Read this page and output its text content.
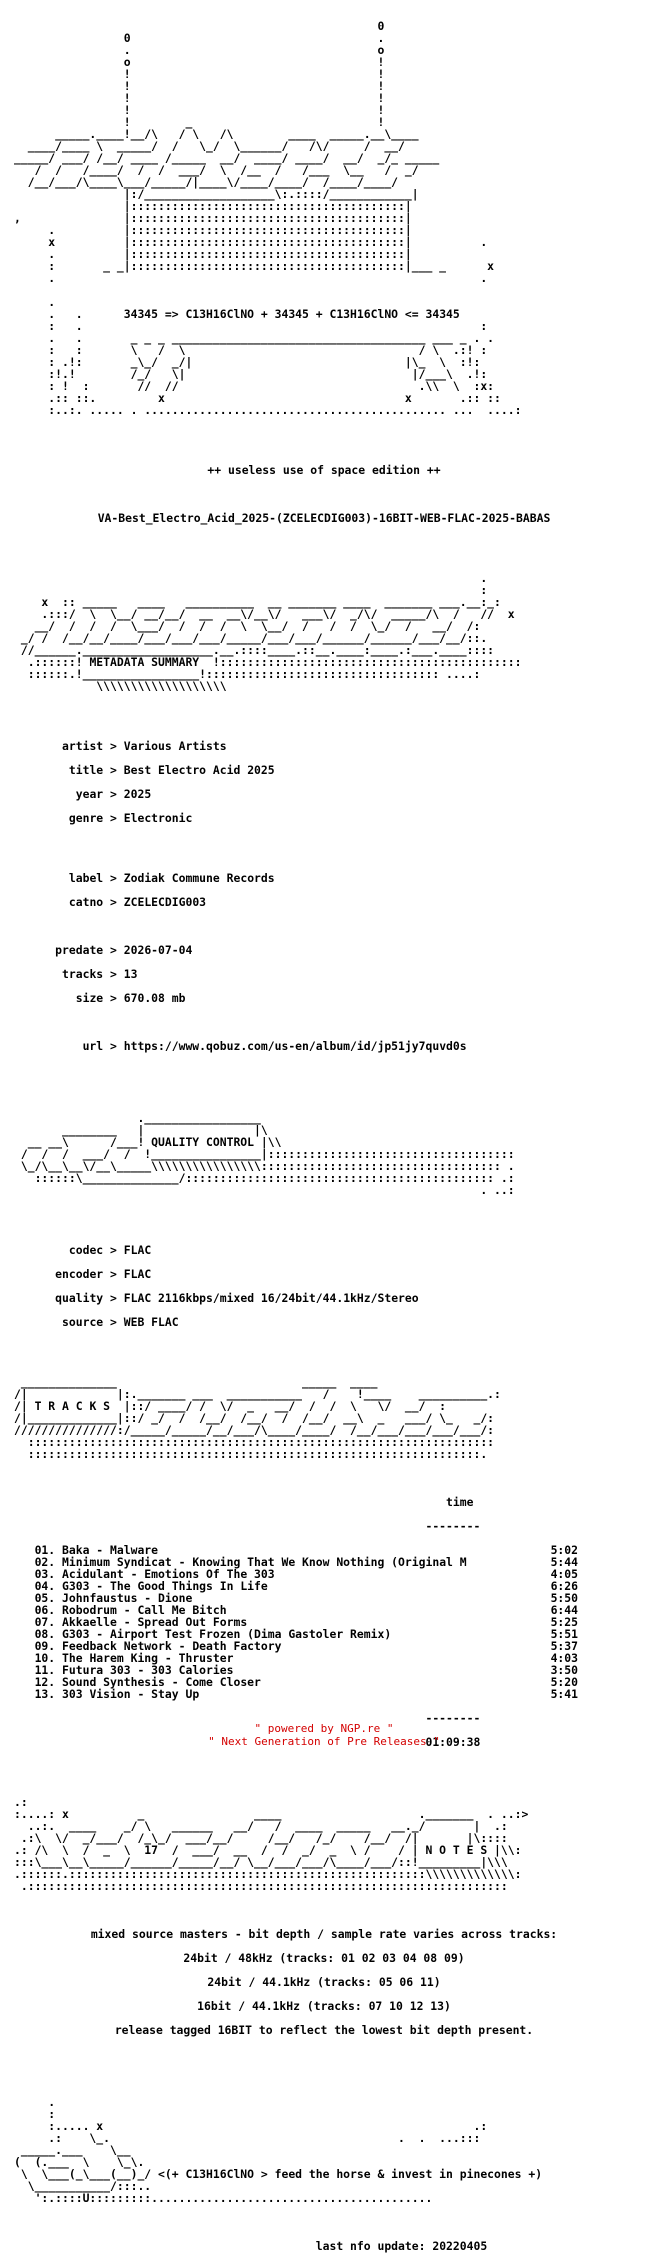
0
0                                    .
.                                    o
o                                    !
!                                    !
!                                    !
!                                    !
!                                    !
!        _                           !
_____.____!__/\   / \   /\        ____  _____.__\____
____/____ \  _____/  /   \_/  \______/   /\/     /  __/
_____/ ___/ /__/ ____ /_____  __/  ____/ ____/  __/  _/_ _____
/  /   /____/  /  /  ___/  \  /__  /   /___  \__   /  _/
/__/___/\____\___/_____/|____\/____/____/  /____/____/
|:/___________________\:.::::/____________|
|::::::::::::::::::::::::::::::::::::::::|
,               |::::::::::::::::::::::::::::::::::::::::|
.          |::::::::::::::::::::::::::::::::::::::::|
x          |::::::::::::::::::::::::::::::::::::::::|          .
.          |::::::::::::::::::::::::::::::::::::::::|
:       _ _|::::::::::::::::::::::::::::::::::::::::|___ _      x
.                                                              .

.
.   .	34345 => C13H16ClNO + 34345 + C13H16ClNO <= 34345
:   .                                                          :
.   .       _ _ _ _____________________________________ ___ _ . .
:   :       \   /  \                                  / \  .:! :
: .!:       _\_/  _/|                               |\_  \  :!:
:!.!        /_/   \|                                 |/___\  .!:
: !  :       //  //                                   .\\  \  :x:
.:: ::.         x                                   x       .:: ::
:..:. ..... . ............................................ ...  ....:

++ useless use of space edition ++

VA-Best_Electro_Acid_2025-(ZCELECDIG003)-16BIT-WEB-FLAC-2025-BABAS

.
:
x  :: _____   ____   __________  __ _______ ____  _______ ___.__:_:
.:::/  \  \__/ __/__/  __  __\/__\/   ___\/  _/\/  _____/\  /   //  x
__/  /  /  /  \___/  /  /  /  \  \__/  /   /  /  \_/  /   __/  /:
_/ /  /__/__/____/___/___/___/_____/___/___/______/______/___/__/::.
//______.___________________.__.::::____.::__.____:____.:___.____::::
.::::::! METADATA SUMMARY  !::::::::::::::::::::::::::::::::::::::::::::
::::::.!_________________!:::::::::::::::::::::::::::::::::: ....:
\\\\\\\\\\\\\\\\\\\

artist > Various Artists

title > Best Electro Acid 2025

year > 2025

genre > Electronic

label > Zodiak Commune Records

catno > ZCELECDIG003

predate > 2026-07-04

tracks > 13

size > 670.08 mb

url > https://www.qobuz.com/us-en/album/id/jp51jy7quvd0s

._________________
________   |                |\
__ __\      /___! QUALITY CONTROL |\\
/  /  /  ___/  /  !________________|::::::::::::::::::::::::::::::::::::
\_/\__\__\/__\_____\\\\\\\\\\\\\\\\::::::::::::::::::::::::::::::::::: .
::::::\______________/::::::::::::::::::::::::::::::::::::::::::::: .:
. ..:

codec > FLAC

encoder > FLAC

quality > FLAC 2116kbps/mixed 16/24bit/44.1kHz/Stereo

source > WEB FLAC

______________                           _____  ____
/|             |:._______ ___  ___________   /    !____    __________.:
/| T R A C K S  |::/ ____/ /  \/  _   __/  /  /  \   \/  __/  :
/|_____________|::/ _/  /  /__/  /__/  /  /__/  __\  _   ___/ \_   _/:
///////////////:/_____/_____/__/___/\____/____/  /__/___/___/___/___/:
::::::::::::::::::::::::::::::::::::::::::::::::::::::::::::::::::::
::::::::::::::::::::::::::::::::::::::::::::::::::::::::::::::::::.

time

--------

01. Baka - Malware	5:02
02. Minimum Syndicat - Knowing That We Know Nothing (Original M	5:44
03. Acidulant - Emotions Of The 303	4:05
04. G303 - The Good Things In Life	6:26
05. Johnfaustus - Dione	5:50
06. Robodrum - Call Me Bitch	6:44
07. Akkaelle - Spread Out Forms	5:25
08. G303 - Airport Test Frozen (Dima Gastoler Remix)	5:51
09. Feedback Network - Death Factory	5:37
10. The Harem King - Thruster	4:03
11. Futura 303 - 303 Calories	3:50
12. Sound Synthesis - Come Closer	5:20
13. 303 Vision - Stay Up	5:41

--------

01:09:38

.:
:....: x          _                ____                    ._______  . ..:>
..:.  ____    _/ \   ______   __/   /  ____  _____   __._/       |  .:
.:\  \/  _/___/  /_\_/  ___/__/     /__/   /_/    /__/  /|       |\::::
.: /\  \  /  _  \  17  /  ___/  __  /  /  _/  _  \ /    / | N O T E S |\\:
:::\___\__\_____/______/_____/__/ \__/___/___/\____/___/::!_________|\\\
.::::::.::::::::::::::::::::::::::::::::::::::::::::::::::::\\\\\\\\\\\\\:
.::::::::::::::::::::::::::::::::::::::::::::::::::::::::::::::::::::::

mixed source masters - bit depth / sample rate varies across tracks:

24bit / 48kHz (tracks: 01 02 03 04 08 09)

24bit / 44.1kHz (tracks: 05 06 11)

16bit / 44.1kHz (tracks: 07 10 12 13)

release tagged 16BIT to reflect the lowest bit depth present.

.
:
:..... x                                                      .:
.:    \_.                                          .  .  ...:::
_____.___    \__
(  (.___  \    \_\.
\  \___(_\___(__)_/ <(+ C13H16ClNO > feed the horse & invest in pinecones +)
\___________/:::..
':.::::U:::::::::.........................................

last nfo update: 20220405

" powered by NGP.re "
" Next Generation of Pre Releases "
